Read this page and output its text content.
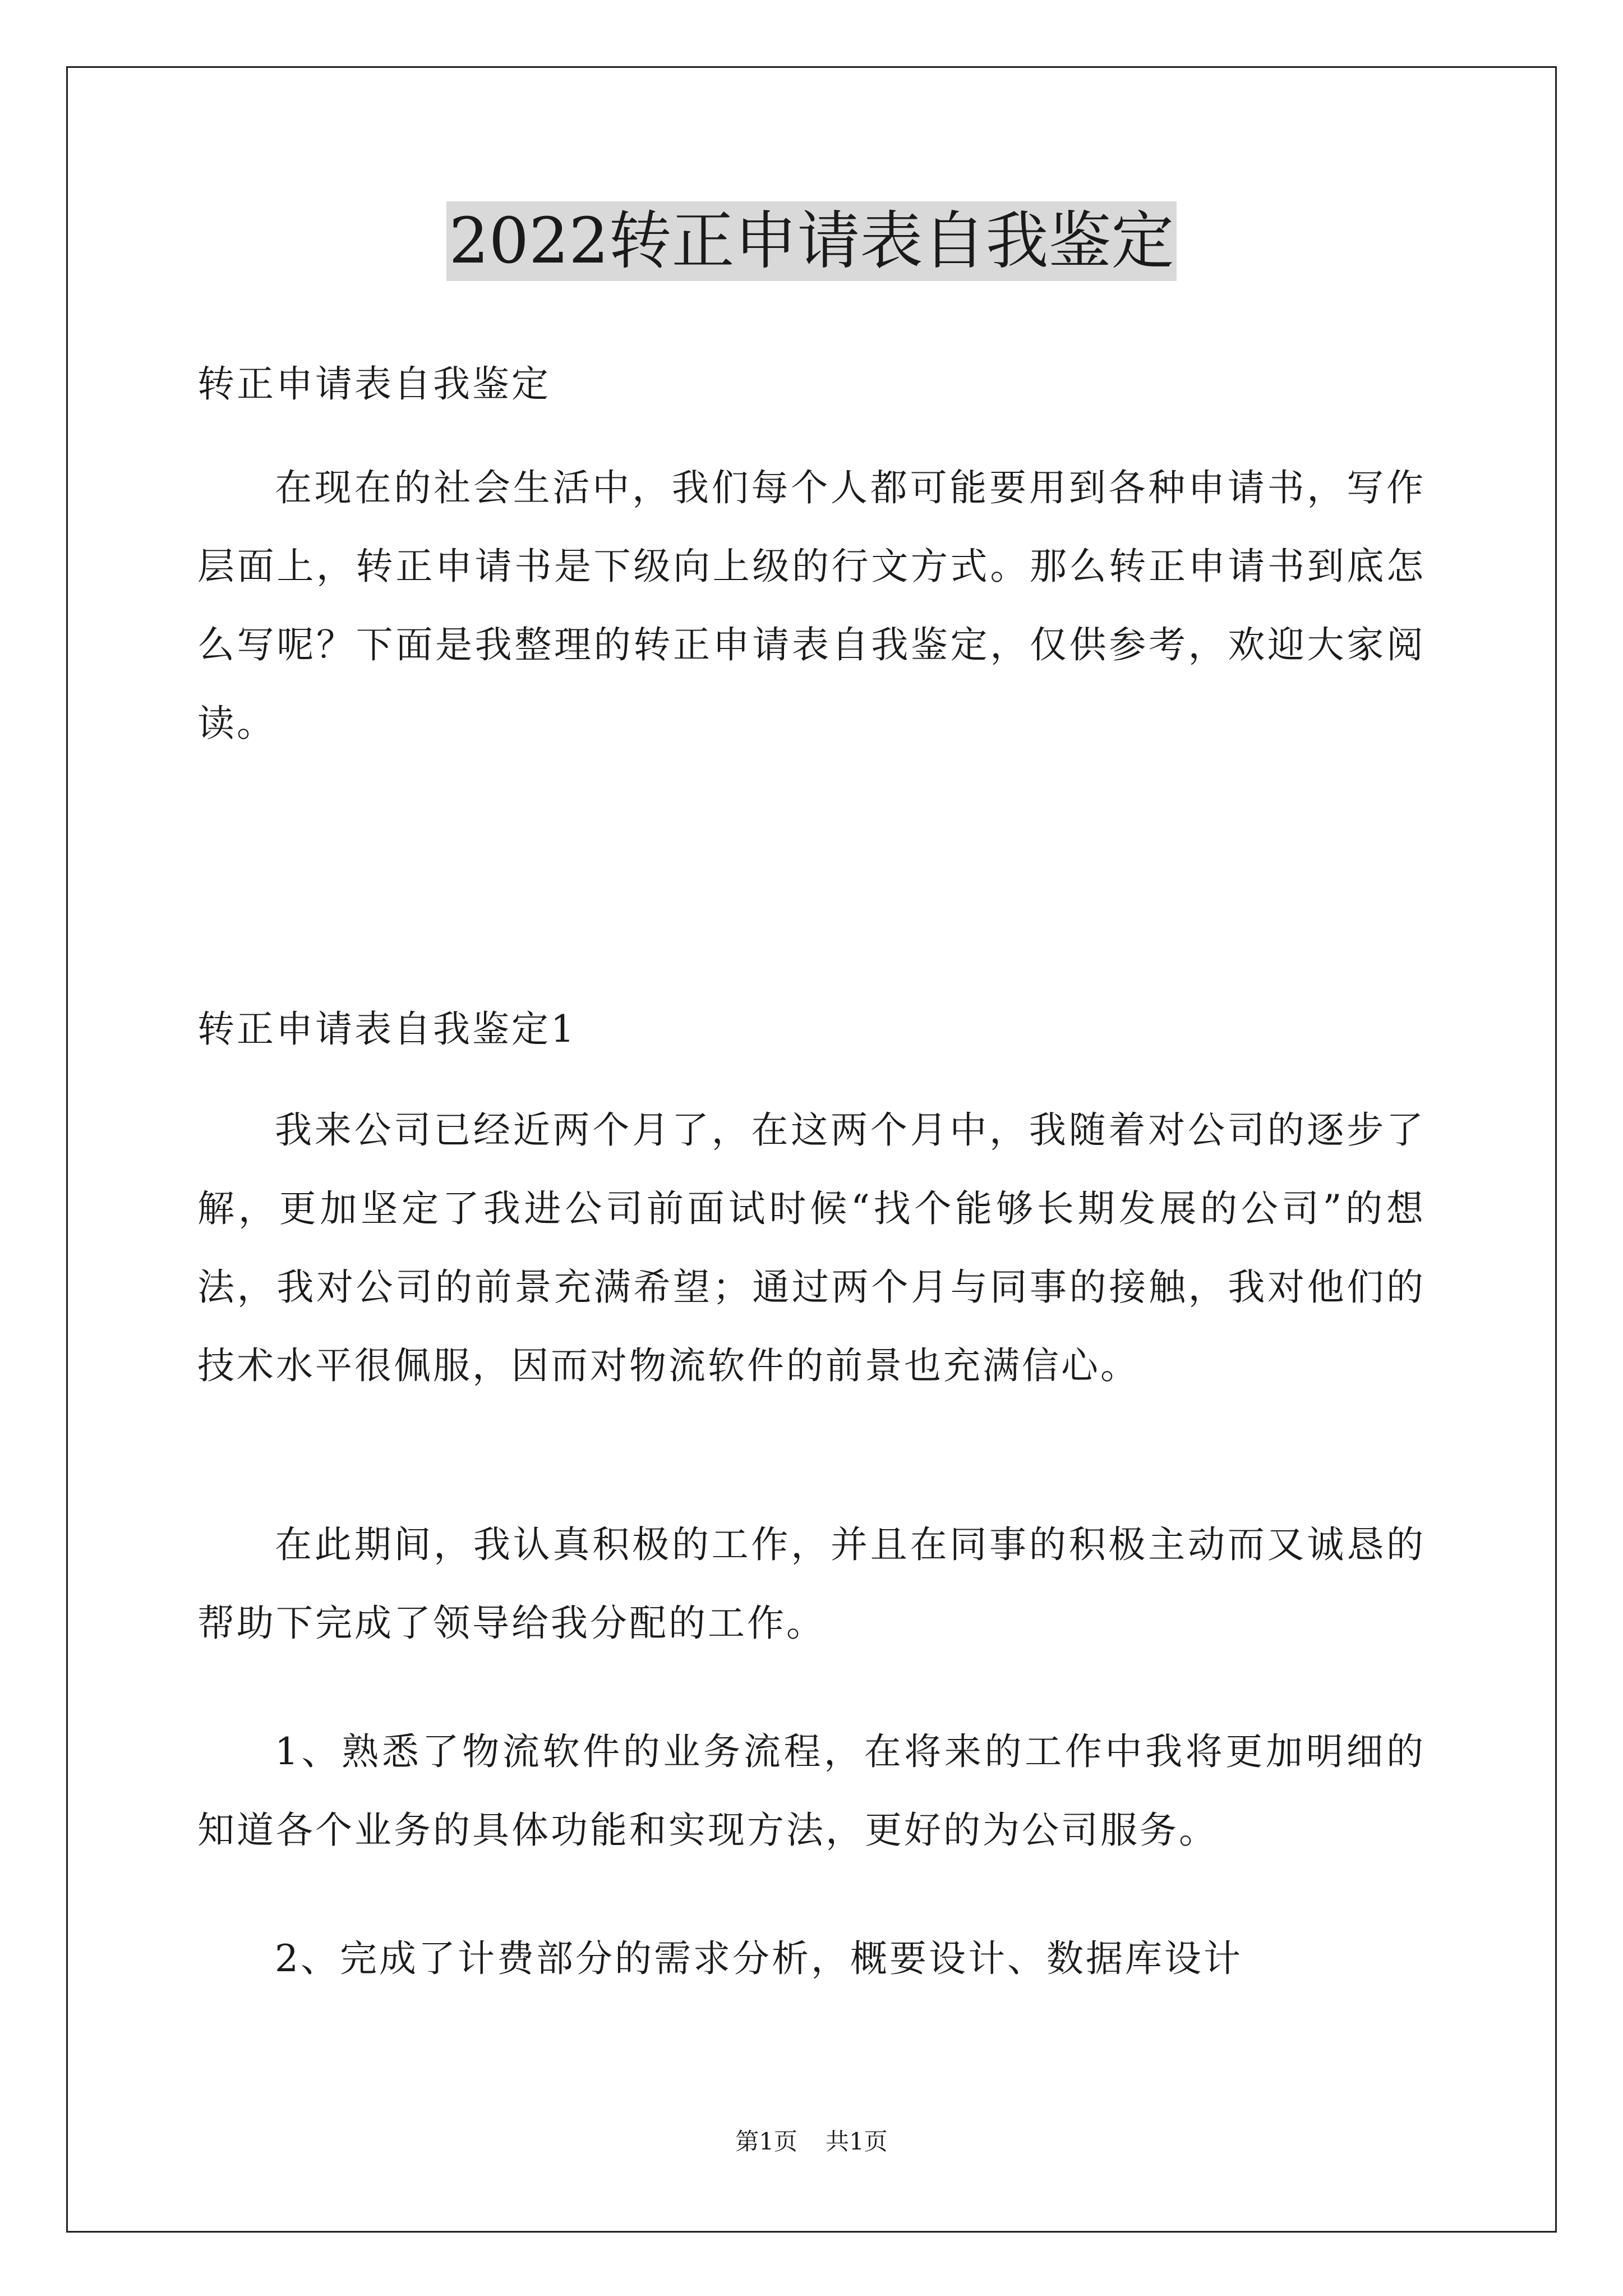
2022转正申请表自我鉴定
转正申请表自我鉴定
在现在的社会生活中，我们每个人都可能要用到各种申请书，写作层面上，转正申请书是下级向上级的行文方式。那么转正申请书到底怎么写呢？下面是我整理的转正申请表自我鉴定，仅供参考，欢迎大家阅读。
转正申请表自我鉴定1
我来公司已经近两个月了，在这两个月中，我随着对公司的逐步了解，更加坚定了我进公司前面试时候“找个能够长期发展的公司”的想法，我对公司的前景充满希望；通过两个月与同事的接触，我对他们的技术水平很佩服，因而对物流软件的前景也充满信心。
在此期间，我认真积极的工作，并且在同事的积极主动而又诚恳的帮助下完成了领导给我分配的工作。
1、熟悉了物流软件的业务流程，在将来的工作中我将更加明细的知道各个业务的具体功能和实现方法，更好的为公司服务。
2、完成了计费部分的需求分析，概要设计、数据库设计
第1页 共1页
